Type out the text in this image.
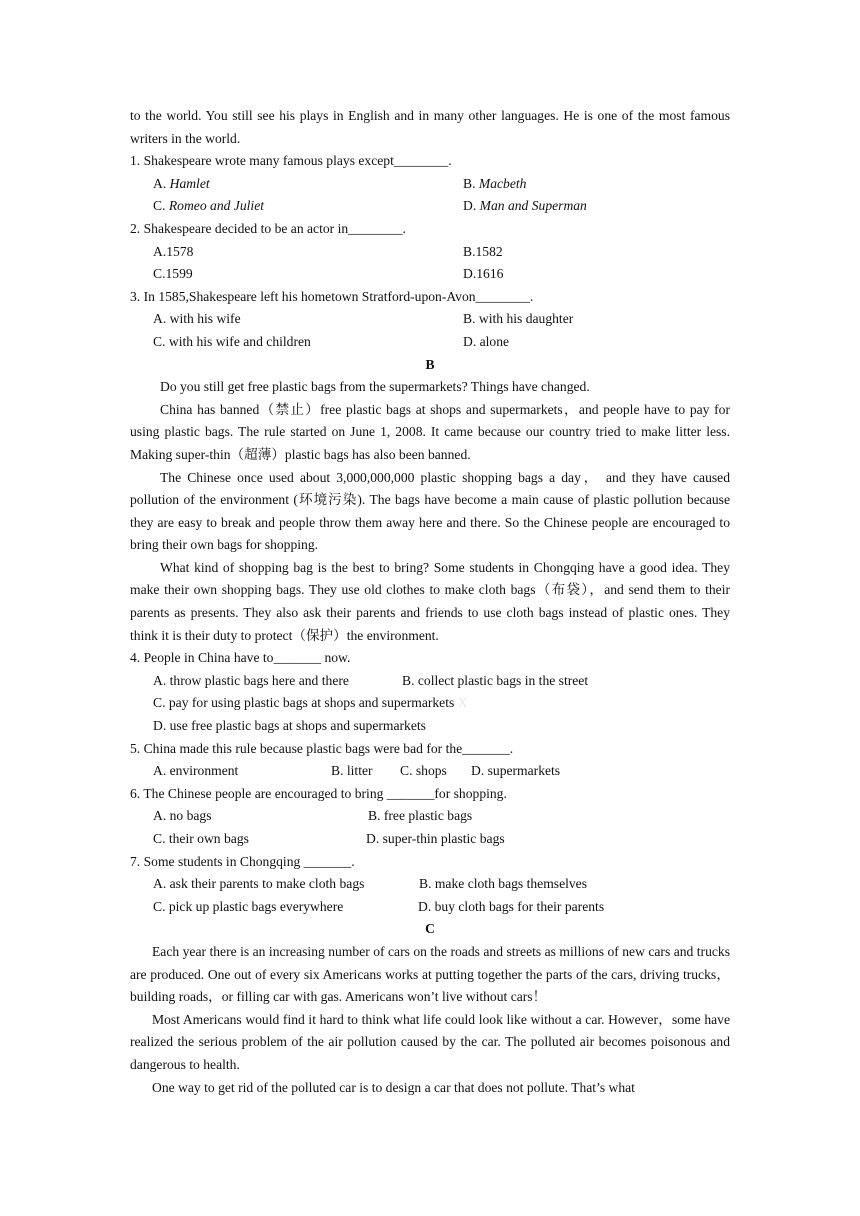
to the world. You still see his plays in English and in many other languages. He is one of the most famous writers in the world.

1. Shakespeare wrote many famous plays except________.

A. Hamlet	B. Macbeth
C. Romeo and Juliet	D. Man and Superman

2. Shakespeare decided to be an actor in________.

A.1578	B.1582
C.1599	D.1616

3. In 1585,Shakespeare left his hometown Stratford-upon-Avon________.

A. with his wife	B. with his daughter
C. with his wife and children	D. alone

B

Do you still get free plastic bags from the supermarkets? Things have changed.

China has banned（禁止）free plastic bags at shops and supermarkets，and people have to pay for using plastic bags. The rule started on June 1, 2008. It came because our country tried to make litter less. Making super-thin（超薄）plastic bags has also been banned.

The Chinese once used about 3,000,000,000 plastic shopping bags a day， and they have caused pollution of the environment (环境污染). The bags have become a main cause of plastic pollution because they are easy to break and people throw them away here and there. So the Chinese people are encouraged to bring their own bags for shopping.

What kind of shopping bag is the best to bring? Some students in Chongqing have a good idea. They make their own shopping bags. They use old clothes to make cloth bags（布袋），and send them to their parents as presents. They also ask their parents and friends to use cloth bags instead of plastic ones. They think it is their duty to protect（保护）the environment.

4. People in China have to_______ now.

A. throw plastic bags here and there	B. collect plastic bags in the street

C. pay for using plastic bags at shops and supermarkets X

D. use free plastic bags at shops and supermarkets

5. China made this rule because plastic bags were bad for the_______.

A. environment	B. litter C. shops D. supermarkets

6. The Chinese people are encouraged to bring _______for shopping.

A. no bags	B. free plastic bags

C. their own bags	D. super-thin plastic bags

7. Some students in Chongqing _______.

A. ask their parents to make cloth bags	B. make cloth bags themselves

C. pick up plastic bags everywhere	D. buy cloth bags for their parents

C

Each year there is an increasing number of cars on the roads and streets as millions of new cars and trucks are produced. One out of every six Americans works at putting together the parts of the cars, driving trucks，building roads，or filling car with gas. Americans won’t live without cars！

Most Americans would find it hard to think what life could look like without a car. However，some have realized the serious problem of the air pollution caused by the car. The polluted air becomes poisonous and dangerous to health.

One way to get rid of the polluted car is to design a car that does not pollute. That’s what
